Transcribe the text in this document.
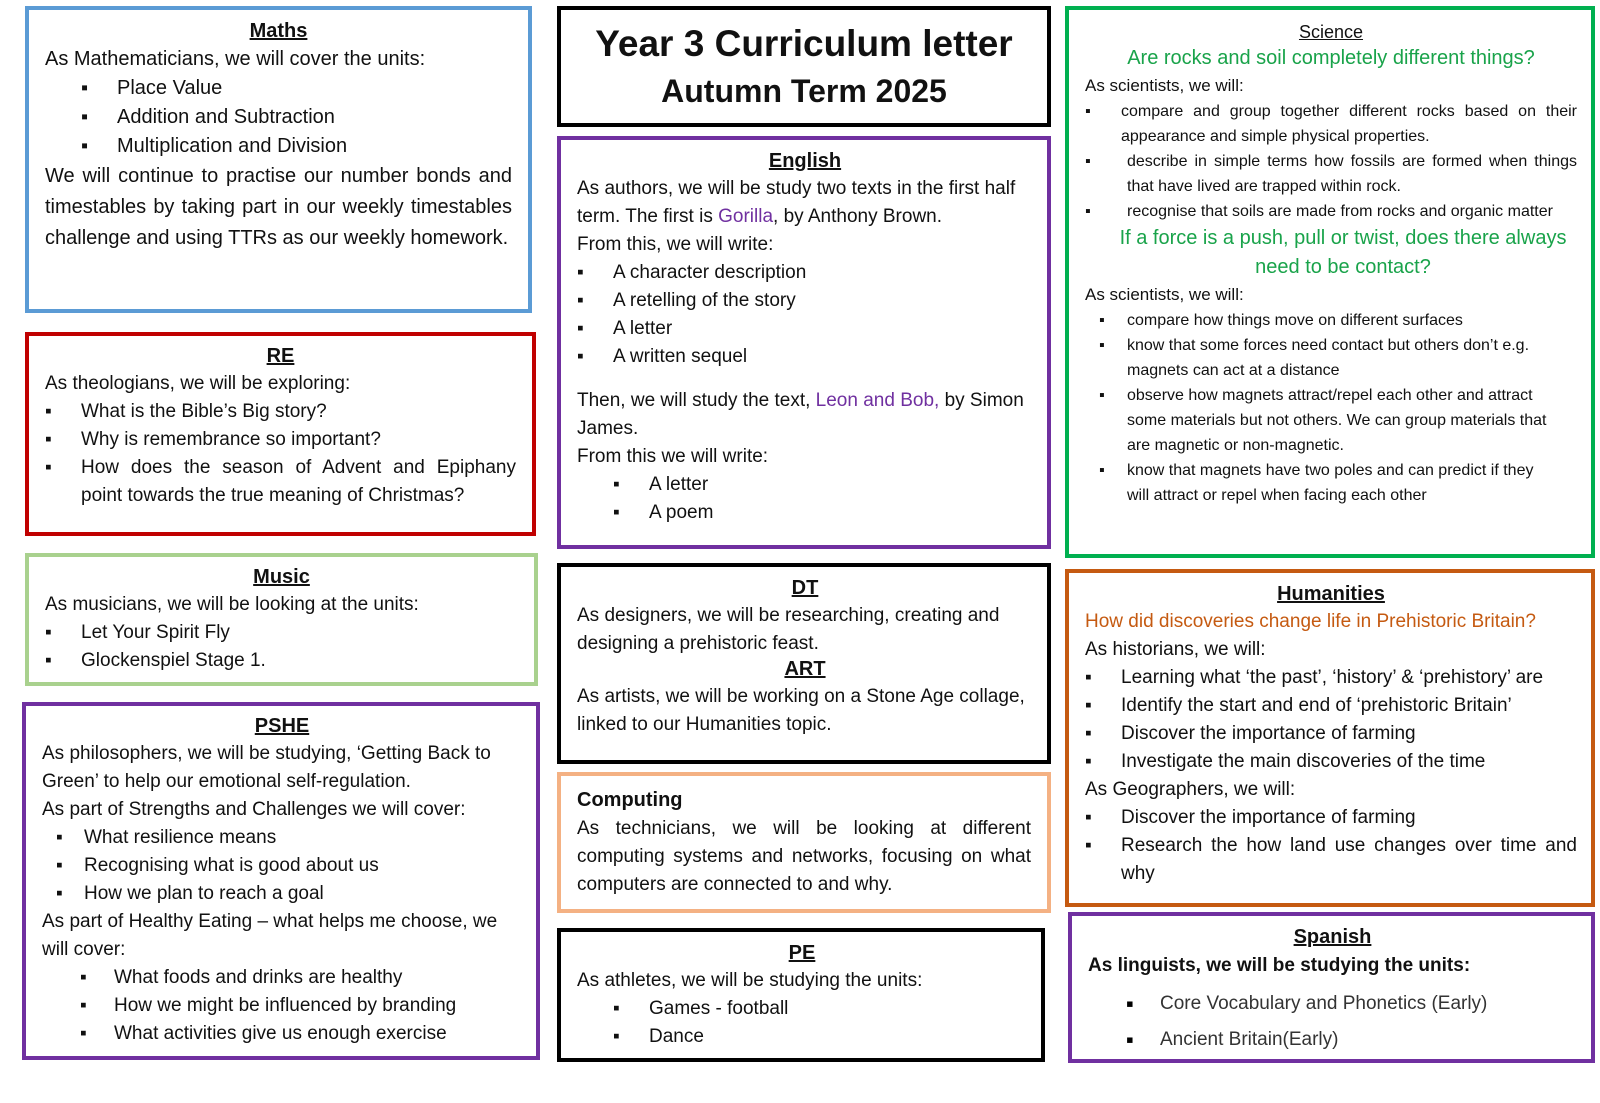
Maths

As Mathematicians, we will cover the units:

▪ Place Value
▪ Addition and Subtraction
▪ Multiplication and Division

We will continue to practise our number bonds and timestables by taking part in our weekly timestables challenge and using TTRs as our weekly homework.

RE

As theologians, we will be exploring:

▪ What is the Bible’s Big story?
▪ Why is remembrance so important?
▪ How does the season of Advent and Epiphany point towards the true meaning of Christmas?
Music

As musicians, we will be looking at the units:

▪ Let Your Spirit Fly
▪ Glockenspiel Stage 1.
PSHE

As philosophers, we will be studying, ‘Getting Back to Green’ to help our emotional self-regulation.

As part of Strengths and Challenges we will cover:

▪ What resilience means
▪ Recognising what is good about us
▪ How we plan to reach a goal

As part of Healthy Eating – what helps me choose, we will cover:

▪ What foods and drinks are healthy
▪ How we might be influenced by branding
▪ What activities give us enough exercise
Year 3 Curriculum letter
Autumn Term 2025
English

As authors, we will be study two texts in the first half term. The first is Gorilla, by Anthony Brown.

From this, we will write:

▪ A character description
▪ A retelling of the story
▪ A letter
▪ A written sequel

Then, we will study the text, Leon and Bob, by Simon James.

From this we will write:

▪ A letter
▪ A poem
DT

As designers, we will be researching, creating and designing a prehistoric feast.

ART

As artists, we will be working on a Stone Age collage, linked to our Humanities topic.

Computing

As technicians, we will be looking at different computing systems and networks, focusing on what computers are connected to and why.

PE

As athletes, we will be studying the units:

▪ Games - football
▪ Dance
Science
Are rocks and soil completely different things?

As scientists, we will:

▪ compare and group together different rocks based on their appearance and simple physical properties.
▪ describe in simple terms how fossils are formed when things that have lived are trapped within rock.
▪ recognise that soils are made from rocks and organic matter
If a force is a push, pull or twist, does there always need to be contact?

As scientists, we will:

▪ compare how things move on different surfaces
▪ know that some forces need contact but others don’t e.g. magnets can act at a distance
▪ observe how magnets attract/repel each other and attract some materials but not others. We can group materials that are magnetic or non-magnetic.
▪ know that magnets have two poles and can predict if they will attract or repel when facing each other
Humanities

How did discoveries change life in Prehistoric Britain?

As historians, we will:

▪ Learning what ‘the past’, ‘history’ & ‘prehistory’ are
▪ Identify the start and end of ‘prehistoric Britain’
▪ Discover the importance of farming
▪ Investigate the main discoveries of the time

As Geographers, we will:

▪ Discover the importance of farming
▪ Research the how land use changes over time and why
Spanish

As linguists, we will be studying the units:

▪ Core Vocabulary and Phonetics (Early)
▪ Ancient Britain(Early)
